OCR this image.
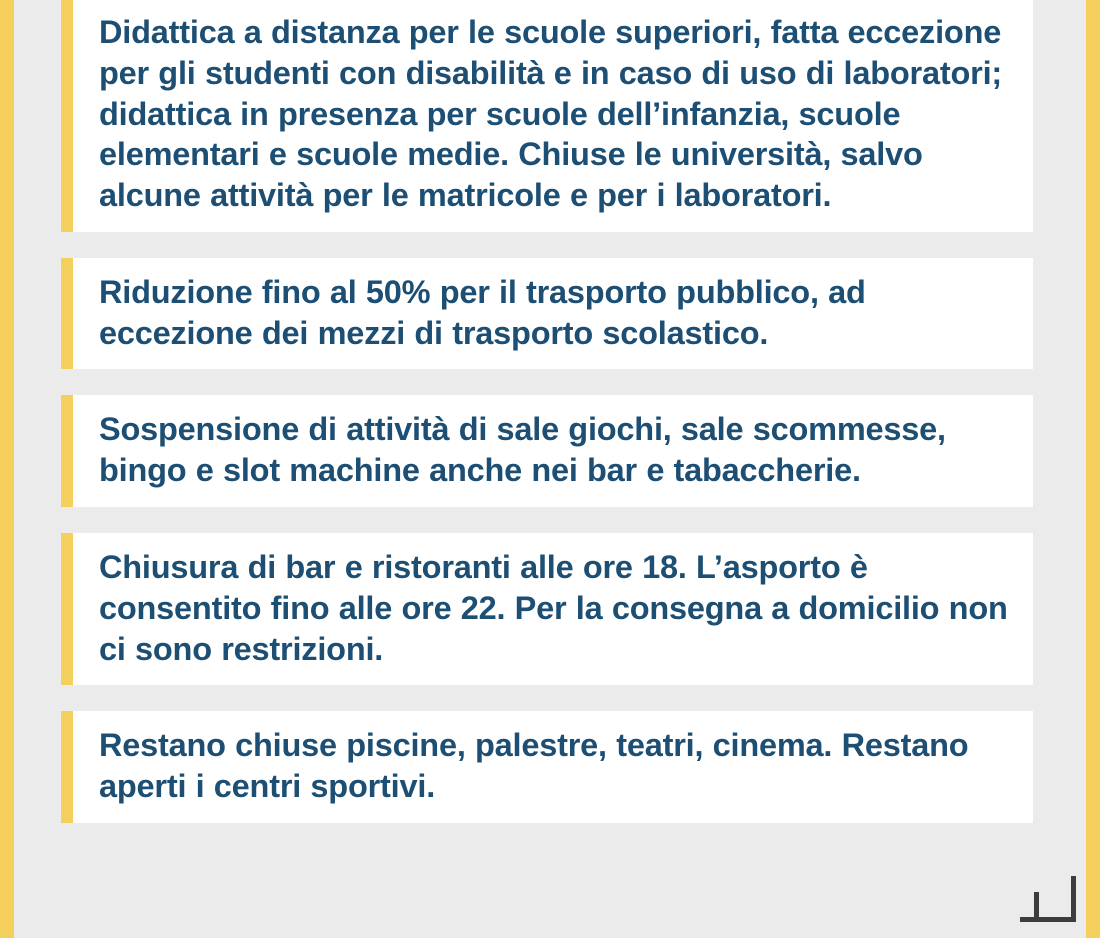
Didattica a distanza per le scuole superiori, fatta eccezione per gli studenti con disabilità e in caso di uso di laboratori; didattica in presenza per scuole dell’infanzia, scuole elementari e scuole medie. Chiuse le università, salvo alcune attività per le matricole e per i laboratori.

Riduzione fino al 50% per il trasporto pubblico, ad eccezione dei mezzi di trasporto scolastico.

Sospensione di attività di sale giochi, sale scommesse, bingo e slot machine anche nei bar e tabaccherie.

Chiusura di bar e ristoranti alle ore 18. L’asporto è consentito fino alle ore 22. Per la consegna a domicilio non ci sono restrizioni.

Restano chiuse piscine, palestre, teatri, cinema. Restano aperti i centri sportivi.
